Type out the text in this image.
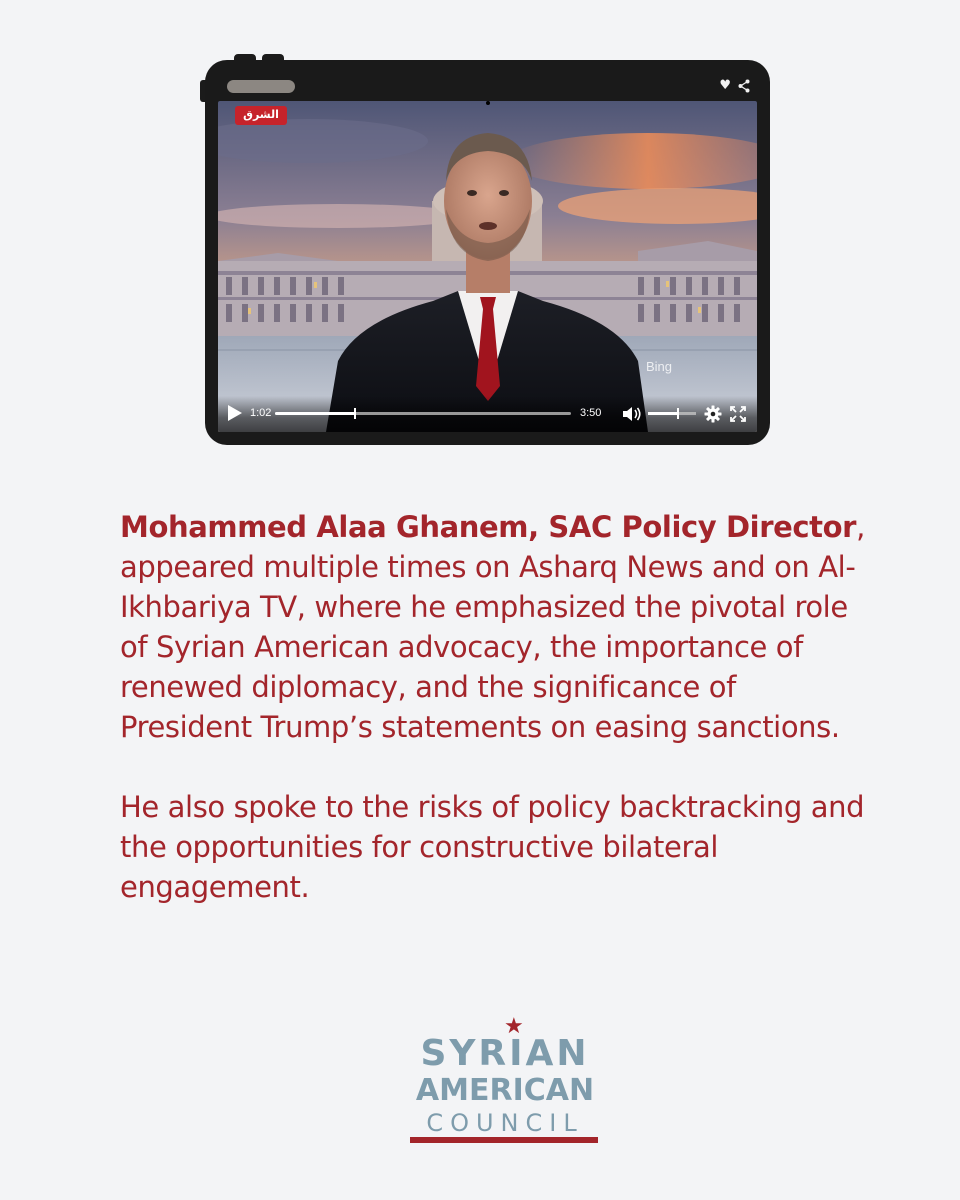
♥
الشرق
Bing
1:02	3:50

Mohammed Alaa Ghanem, SAC Policy Director, appeared multiple times on Asharq News and on Al-Ikhbariya TV, where he emphasized the pivotal role of Syrian American advocacy, the importance of renewed diplomacy, and the significance of President Trump’s statements on easing sanctions.

He also spoke to the risks of policy backtracking and the opportunities for constructive bilateral engagement.

★
SYRIAN
AMERICAN
COUNCIL
